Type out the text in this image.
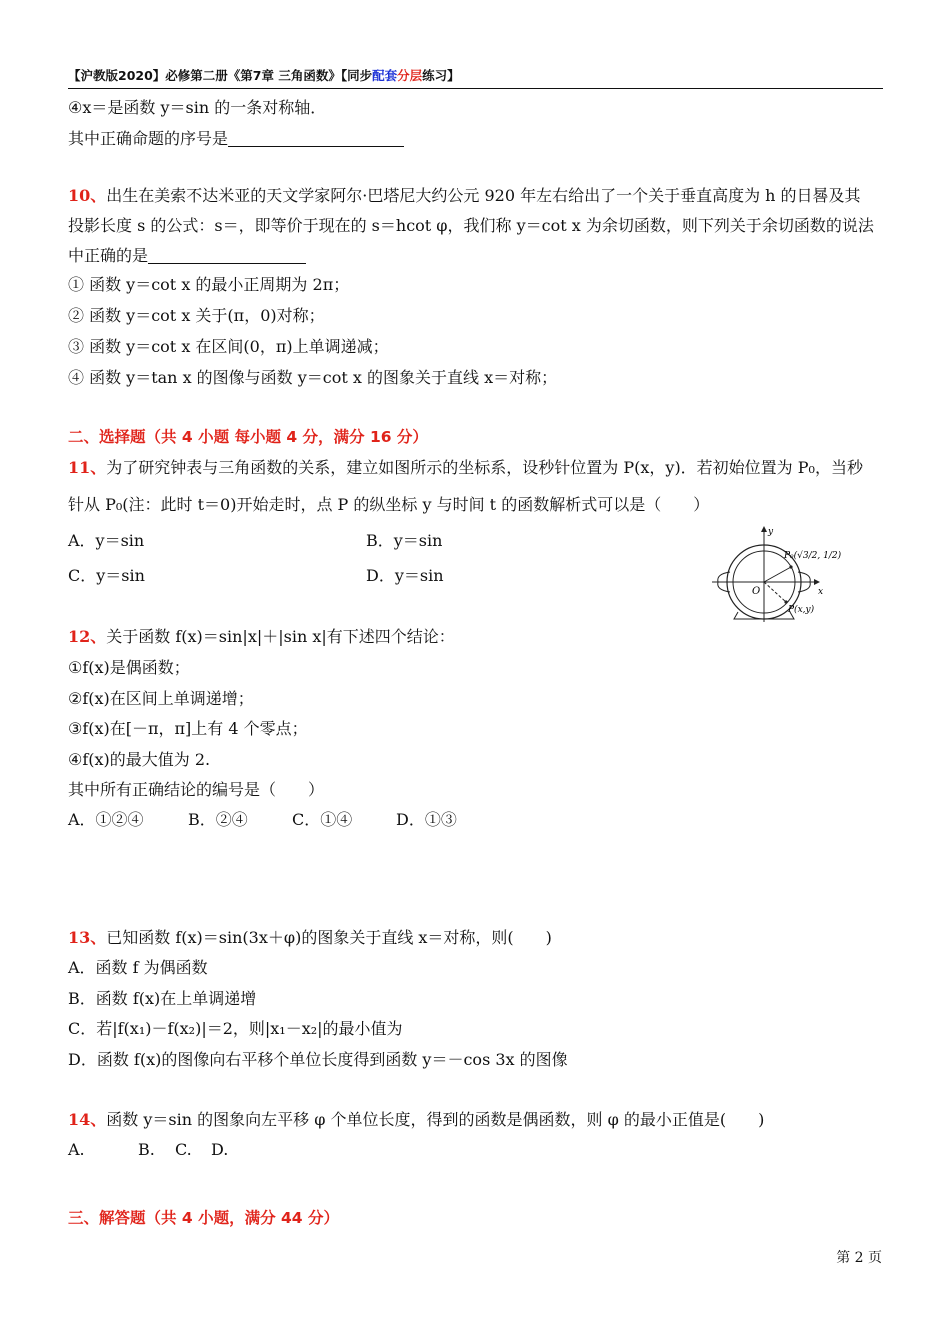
【沪教版2020】必修第二册《第7章 三角函数》【同步配套分层练习】
④x＝是函数 y＝sin 的一条对称轴．
其中正确命题的序号是
10、出生在美索不达米亚的天文学家阿尔·巴塔尼大约公元 920 年左右给出了一个关于垂直高度为 h 的日晷及其
投影长度 s 的公式：s＝，即等价于现在的 s＝hcot φ，我们称 y＝cot x 为余切函数，则下列关于余切函数的说法
中正确的是
① 函数 y＝cot x 的最小正周期为 2π；
② 函数 y＝cot x 关于(π，0)对称；
③ 函数 y＝cot x 在区间(0，π)上单调递减；
④ 函数 y＝tan x 的图像与函数 y＝cot x 的图象关于直线 x＝对称；
二、选择题（共 4 小题 每小题 4 分，满分 16 分）
11、为了研究钟表与三角函数的关系，建立如图所示的坐标系，设秒针位置为 P(x，y)．若初始位置为 P₀，当秒
针从 P₀(注：此时 t＝0)开始走时，点 P 的纵坐标 y 与时间 t 的函数解析式可以是（　　）
A．y＝sin	B．y＝sin
C．y＝sin	D．y＝sin
y
x
O
P₀(√3/2, 1/2)
P(x,y)
12、关于函数 f(x)＝sin|x|＋|sin x|有下述四个结论：
①f(x)是偶函数；
②f(x)在区间上单调递增；
③f(x)在[－π，π]上有 4 个零点；
④f(x)的最大值为 2.
其中所有正确结论的编号是（　　）
A．①②④	B．②④	C．①④	D．①③
13、已知函数 f(x)＝sin(3x＋φ)的图象关于直线 x＝对称，则(　　)
A．函数 f 为偶函数
B．函数 f(x)在上单调递增
C．若|f(x₁)－f(x₂)|＝2，则|x₁－x₂|的最小值为
D．函数 f(x)的图像向右平移个单位长度得到函数 y＝－cos 3x 的图像
14、函数 y＝sin 的图象向左平移 φ 个单位长度，得到的函数是偶函数，则 φ 的最小正值是(　　)
A.	B. C. D.
三、解答题（共 4 小题，满分 44 分）
第 2 页
